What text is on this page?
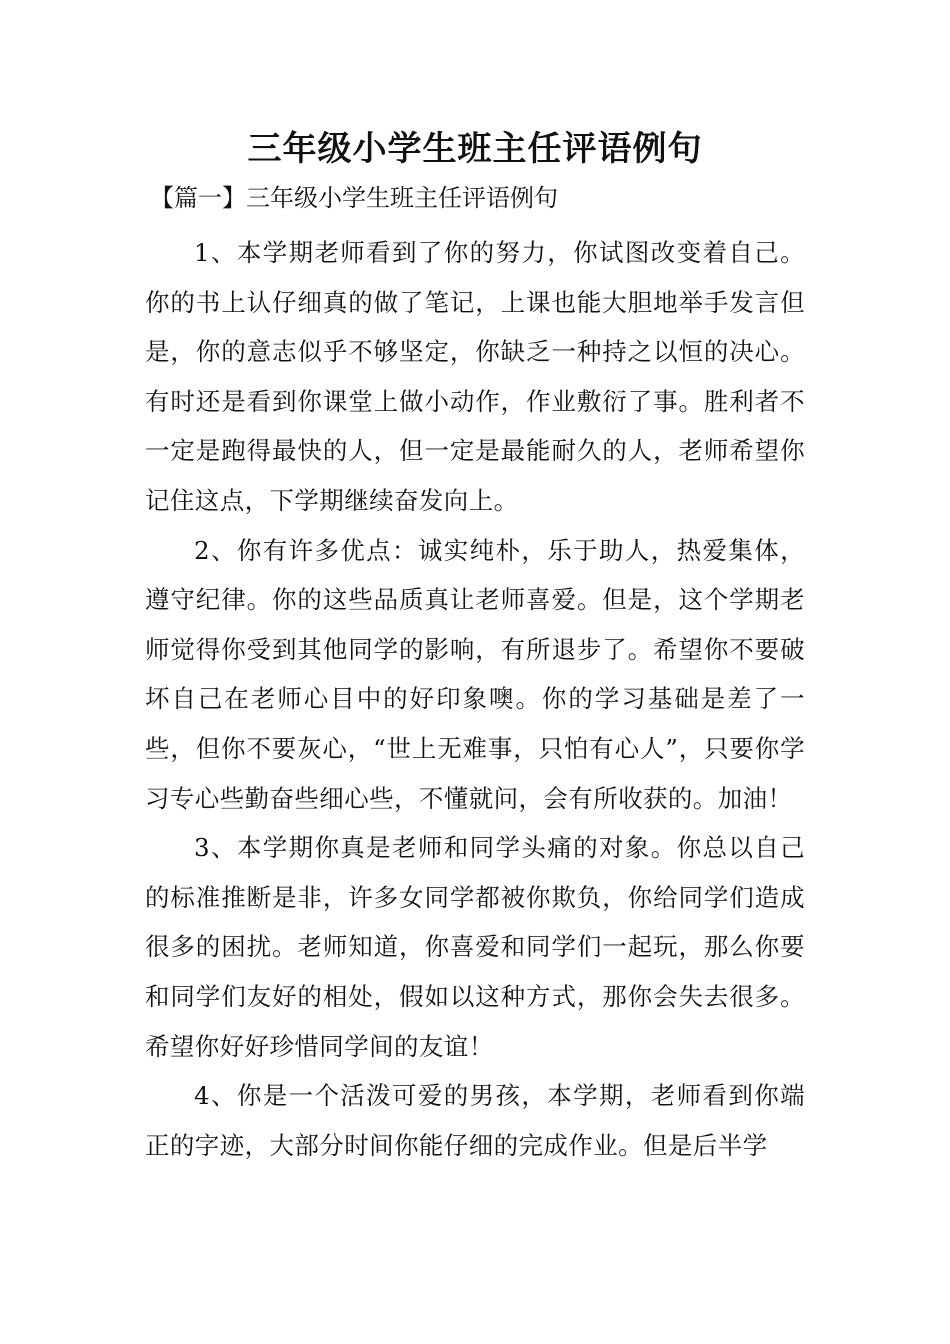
三年级小学生班主任评语例句

【篇一】三年级小学生班主任评语例句

1、本学期老师看到了你的努力，你试图改变着自己。你的书上认仔细真的做了笔记，上课也能大胆地举手发言但是，你的意志似乎不够坚定，你缺乏一种持之以恒的决心。有时还是看到你课堂上做小动作，作业敷衍了事。胜利者不一定是跑得最快的人，但一定是最能耐久的人，老师希望你记住这点，下学期继续奋发向上。

2、你有许多优点：诚实纯朴，乐于助人，热爱集体，遵守纪律。你的这些品质真让老师喜爱。但是，这个学期老师觉得你受到其他同学的影响，有所退步了。希望你不要破坏自己在老师心目中的好印象噢。你的学习基础是差了一些，但你不要灰心，“世上无难事，只怕有心人”，只要你学习专心些勤奋些细心些，不懂就问，会有所收获的。加油！

3、本学期你真是老师和同学头痛的对象。你总以自己的标准推断是非，许多女同学都被你欺负，你给同学们造成很多的困扰。老师知道，你喜爱和同学们一起玩，那么你要和同学们友好的相处，假如以这种方式，那你会失去很多。希望你好好珍惜同学间的友谊！

4、你是一个活泼可爱的男孩，本学期，老师看到你端正的字迹，大部分时间你能仔细的完成作业。但是后半学
